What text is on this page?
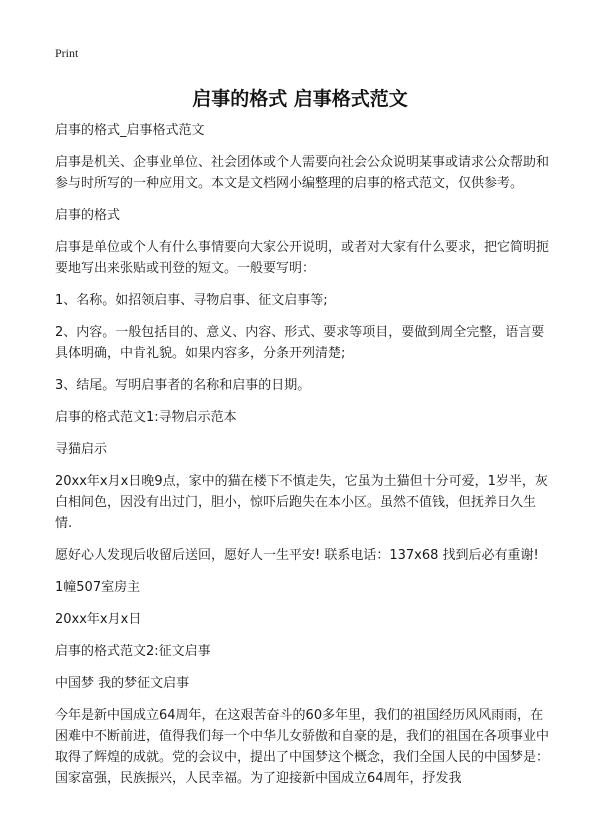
Print
启事的格式 启事格式范文

启事的格式_启事格式范文

启事是机关、企事业单位、社会团体或个人需要向社会公众说明某事或请求公众帮助和参与时所写的一种应用文。本文是文档网小编整理的启事的格式范文，仅供参考。

启事的格式

启事是单位或个人有什么事情要向大家公开说明，或者对大家有什么要求，把它简明扼要地写出来张贴或刊登的短文。一般要写明：

1、名称。如招领启事、寻物启事、征文启事等;

2、内容。一般包括目的、意义、内容、形式、要求等项目，要做到周全完整，语言要具体明确，中肯礼貌。如果内容多，分条开列清楚;

3、结尾。写明启事者的名称和启事的日期。

启事的格式范文1:寻物启示范本

寻猫启示

20xx年x月x日晚9点，家中的猫在楼下不慎走失，它虽为土猫但十分可爱，1岁半，灰白相间色，因没有出过门，胆小，惊吓后跑失在本小区。虽然不值钱，但抚养日久生情.

愿好心人发现后收留后送回，愿好人一生平安! 联系电话：137x68 找到后必有重谢!

1幢507室房主

20xx年x月x日

启事的格式范文2:征文启事

中国梦 我的梦征文启事

今年是新中国成立64周年，在这艰苦奋斗的60多年里，我们的祖国经历风风雨雨，在困难中不断前进，值得我们每一个中华儿女骄傲和自豪的是，我们的祖国在各项事业中取得了辉煌的成就。党的会议中，提出了中国梦这个概念，我们全国人民的中国梦是：国家富强，民族振兴，人民幸福。为了迎接新中国成立64周年，抒发我
